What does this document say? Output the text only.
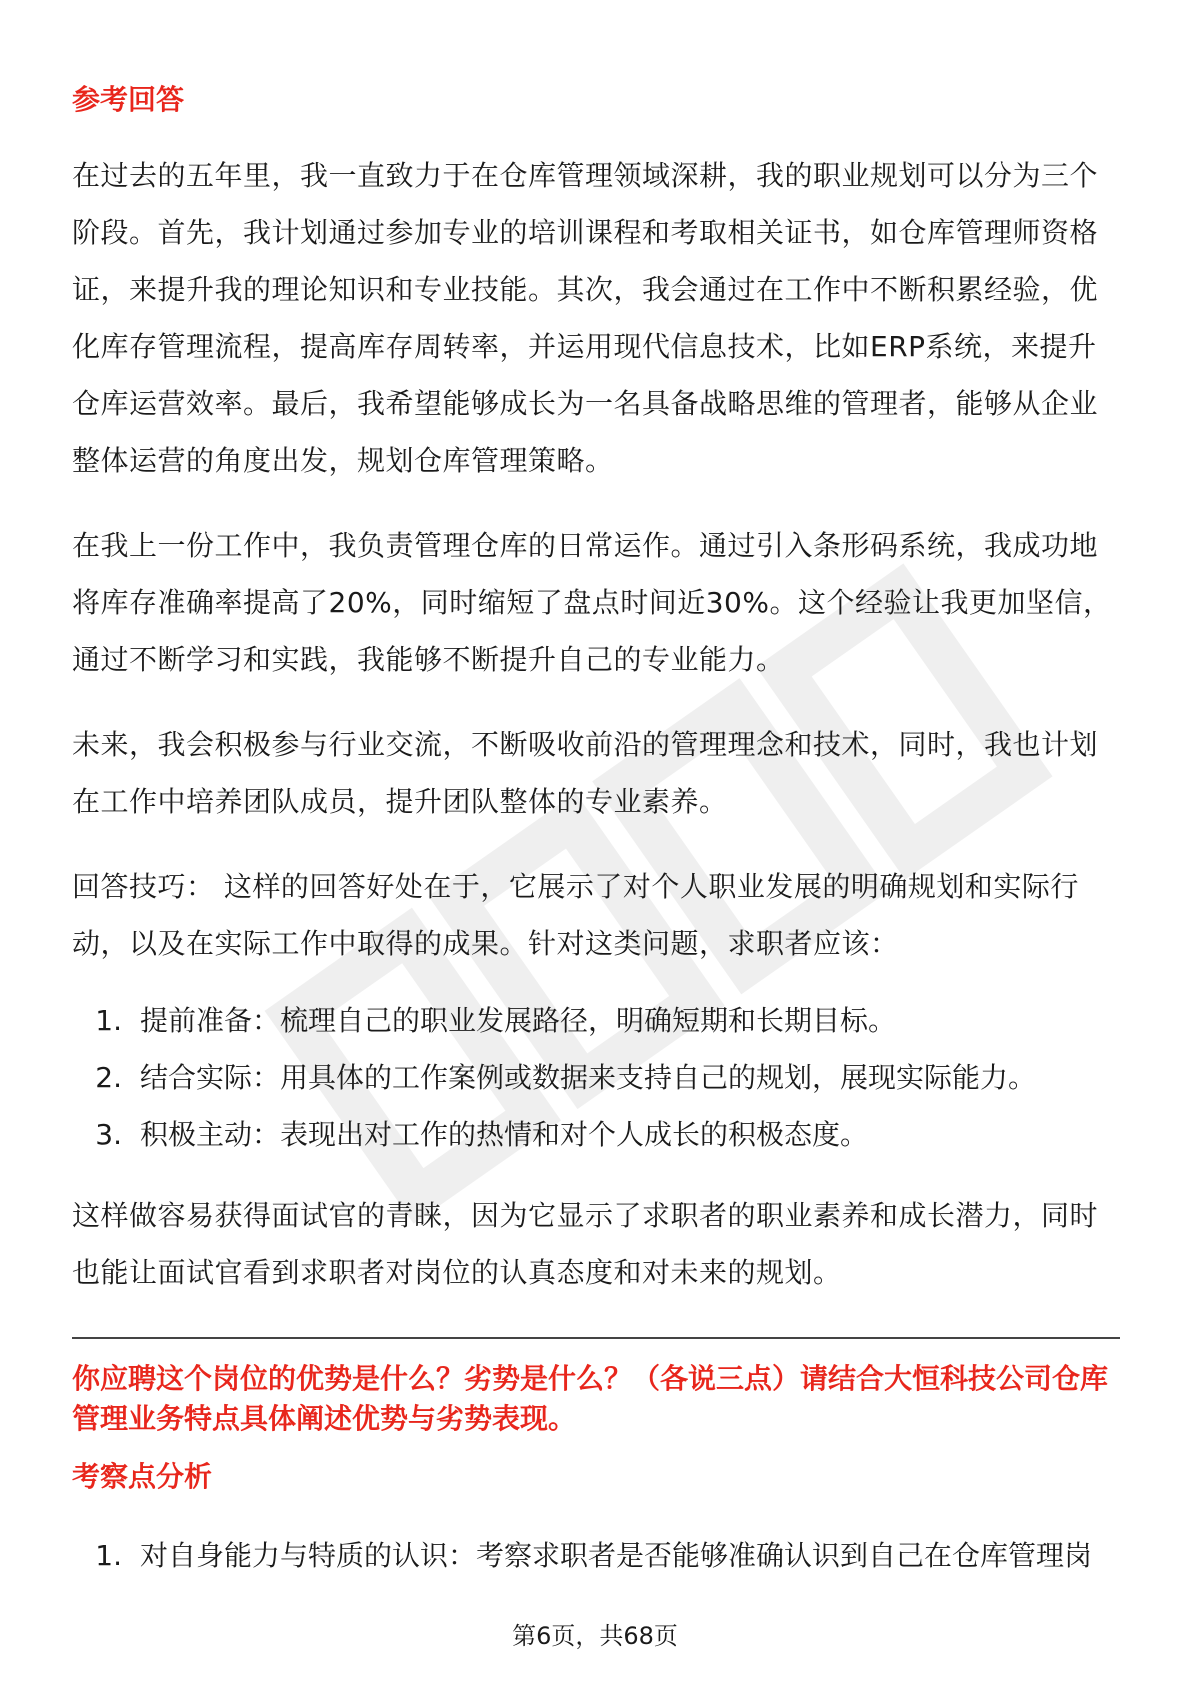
参考回答

在过去的五年里，我一直致力于在仓库管理领域深耕，我的职业规划可以分为三个阶段。首先，我计划通过参加专业的培训课程和考取相关证书，如仓库管理师资格证，来提升我的理论知识和专业技能。其次，我会通过在工作中不断积累经验，优化库存管理流程，提高库存周转率，并运用现代信息技术，比如ERP系统，来提升仓库运营效率。最后，我希望能够成长为一名具备战略思维的管理者，能够从企业整体运营的角度出发，规划仓库管理策略。

在我上一份工作中，我负责管理仓库的日常运作。通过引入条形码系统，我成功地将库存准确率提高了20%，同时缩短了盘点时间近30%。这个经验让我更加坚信，通过不断学习和实践，我能够不断提升自己的专业能力。

未来，我会积极参与行业交流，不断吸收前沿的管理理念和技术，同时，我也计划在工作中培养团队成员，提升团队整体的专业素养。

回答技巧： 这样的回答好处在于，它展示了对个人职业发展的明确规划和实际行动，以及在实际工作中取得的成果。针对这类问题，求职者应该：

1. 提前准备：梳理自己的职业发展路径，明确短期和长期目标。
2. 结合实际：用具体的工作案例或数据来支持自己的规划，展现实际能力。
3. 积极主动：表现出对工作的热情和对个人成长的积极态度。

这样做容易获得面试官的青睐，因为它显示了求职者的职业素养和成长潜力，同时也能让面试官看到求职者对岗位的认真态度和对未来的规划。

你应聘这个岗位的优势是什么？劣势是什么？（各说三点）请结合大恒科技公司仓库管理业务特点具体阐述优势与劣势表现。

考察点分析

1. 对自身能力与特质的认识：考察求职者是否能够准确认识到自己在仓库管理岗
第6页，共68页
